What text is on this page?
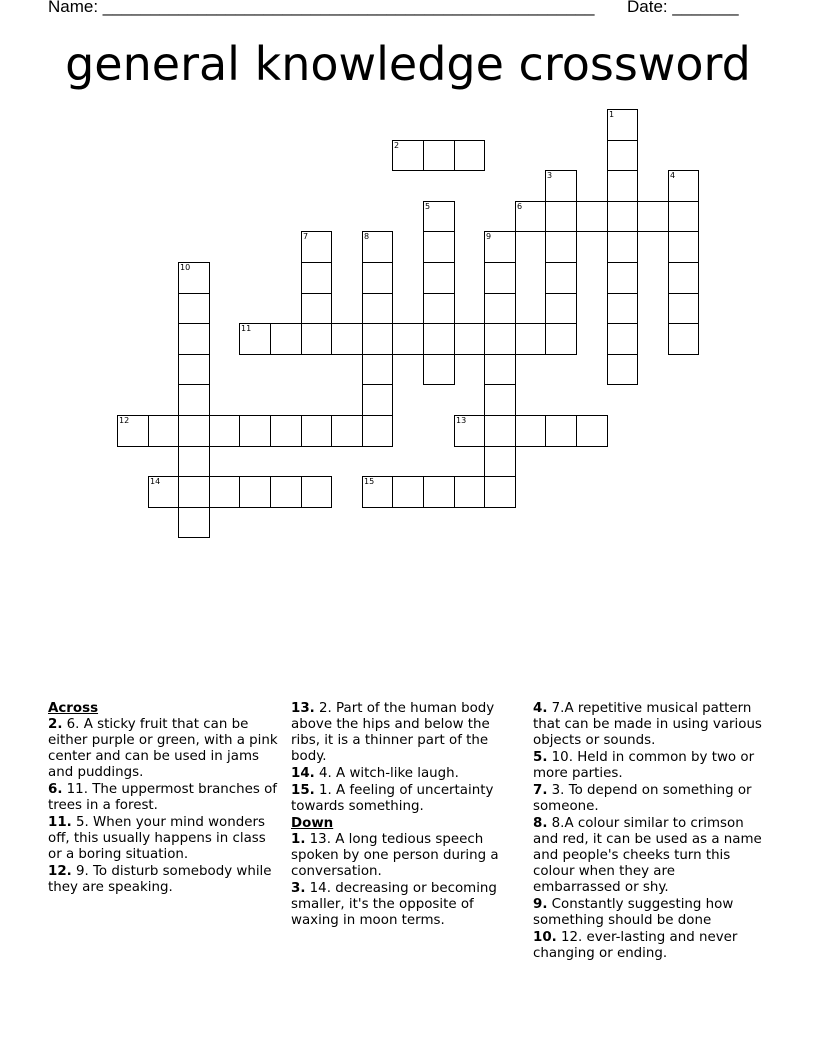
Name: ____________________________________________________ Date: _______
general knowledge crossword
1
2
3	4
5	6
7	8	9
10
11
12	13
14	15
Across
2. 6. A sticky fruit that can be either purple or green, with a pink center and can be used in jams and puddings.
6. 11. The uppermost branches of trees in a forest.
11. 5. When your mind wonders off, this usually happens in class or a boring situation.
12. 9. To disturb somebody while they are speaking.
13. 2. Part of the human body above the hips and below the ribs, it is a thinner part of the body.
14. 4. A witch-like laugh.
15. 1. A feeling of uncertainty towards something.
Down
1. 13. A long tedious speech spoken by one person during a conversation.
3. 14. decreasing or becoming smaller, it's the opposite of waxing in moon terms.
4. 7.A repetitive musical pattern that can be made in using various objects or sounds.
5. 10. Held in common by two or more parties.
7. 3. To depend on something or someone.
8. 8.A colour similar to crimson and red, it can be used as a name and people's cheeks turn this colour when they are embarrassed or shy.
9. Constantly suggesting how something should be done
10. 12. ever-lasting and never changing or ending.
